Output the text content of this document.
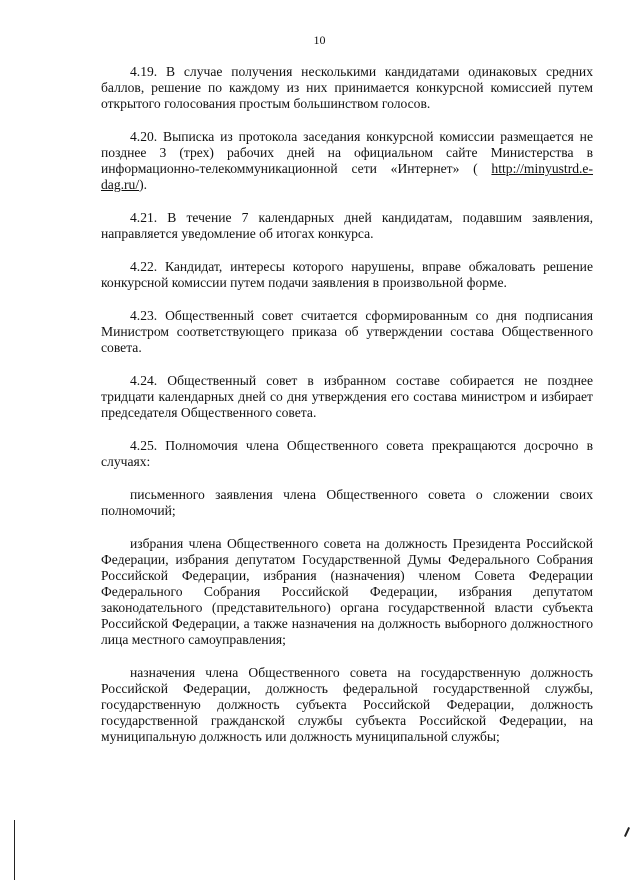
10

4.19. В случае получения несколькими кандидатами одинаковых средних баллов, решение по каждому из них принимается конкурсной комиссией путем открытого голосования простым большинством голосов.

4.20. Выписка из протокола заседания конкурсной комиссии размещается не позднее 3 (трех) рабочих дней на официальном сайте Министерства в информационно-телекоммуникационной сети «Интернет» ( http://minyustrd.e-dag.ru/).

4.21. В течение 7 календарных дней кандидатам, подавшим заявления, направляется уведомление об итогах конкурса.

4.22. Кандидат, интересы которого нарушены, вправе обжаловать решение конкурсной комиссии путем подачи заявления в произвольной форме.

4.23. Общественный совет считается сформированным со дня подписания Министром соответствующего приказа об утверждении состава Общественного совета.

4.24. Общественный совет в избранном составе собирается не позднее тридцати календарных дней со дня утверждения его состава министром и избирает председателя Общественного совета.

4.25. Полномочия члена Общественного совета прекращаются досрочно в случаях:

письменного заявления члена Общественного совета о сложении своих полномочий;

избрания члена Общественного совета на должность Президента Российской Федерации, избрания депутатом Государственной Думы Федерального Собрания Российской Федерации, избрания (назначения) членом Совета Федерации Федерального Собрания Российской Федерации, избрания депутатом законодательного (представительного) органа государственной власти субъекта Российской Федерации, а также назначения на должность выборного должностного лица местного самоуправления;

назначения члена Общественного совета на государственную должность Российской Федерации, должность федеральной государственной службы, государственную должность субъекта Российской Федерации, должность государственной гражданской службы субъекта Российской Федерации, на муниципальную должность или должность муниципальной службы;
